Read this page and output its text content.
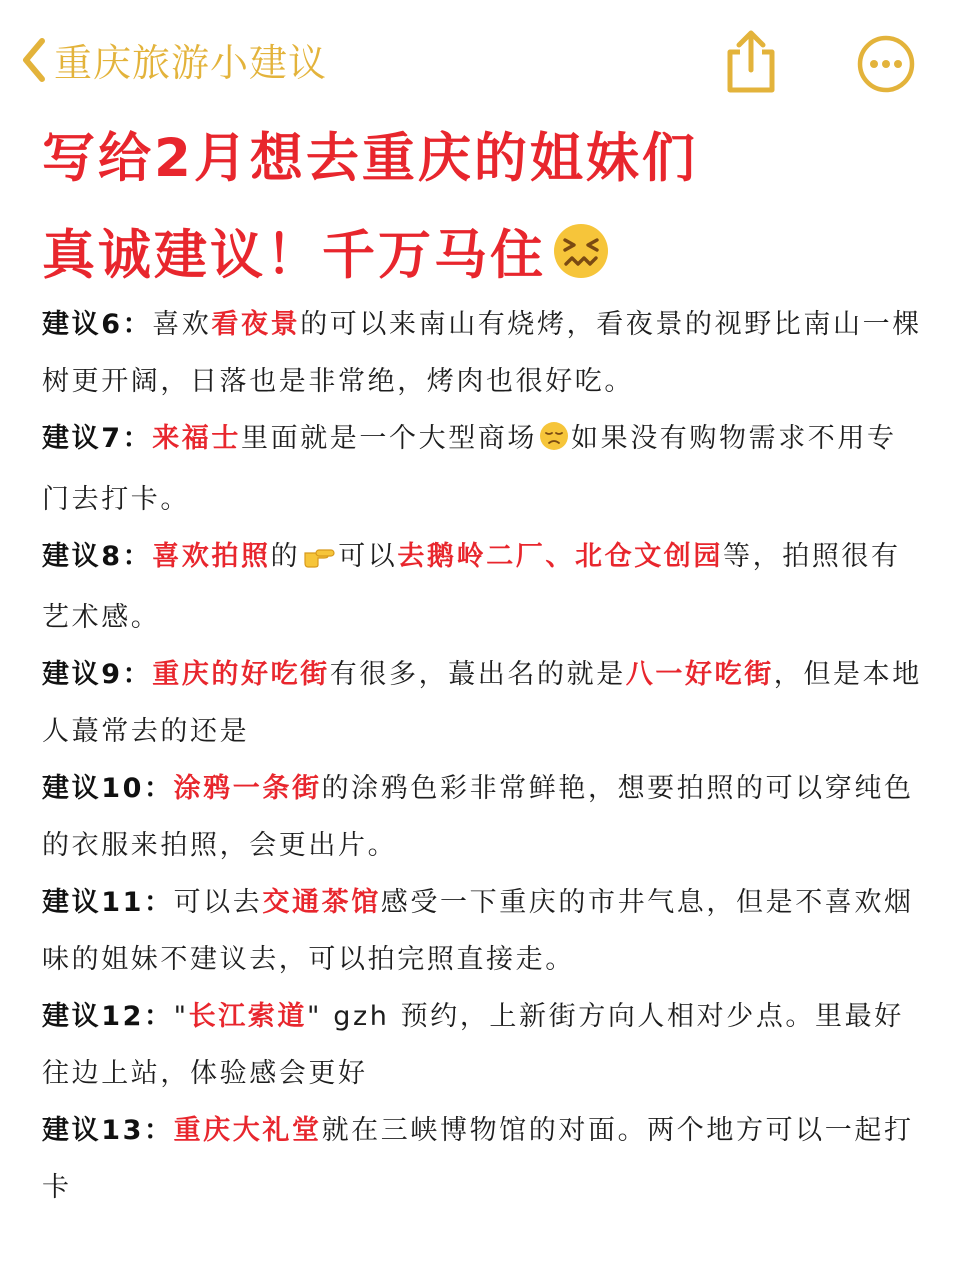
重庆旅游小建议
写给2月想去重庆的姐妹们
真诚建议！千万马住

建议6：喜欢看夜景的可以来南山有烧烤，看夜景的视野比南山一棵树更开阔，日落也是非常绝，烤肉也很好吃。

建议7：来福士里面就是一个大型商场 如果没有购物需求不用专门去打卡。

建议8：喜欢拍照的 可以去鹅岭二厂、北仓文创园等，拍照很有艺术感。

建议9：重庆的好吃街有很多，蕞出名的就是八一好吃街，但是本地人蕞常去的还是

建议10：涂鸦一条街的涂鸦色彩非常鲜艳，想要拍照的可以穿纯色的衣服来拍照，会更出片。

建议11：可以去交通茶馆感受一下重庆的市井气息，但是不喜欢烟味的姐妹不建议去，可以拍完照直接走。

建议12："长江索道" gzh 预约，上新街方向人相对少点。里最好往边上站，体验感会更好

建议13：重庆大礼堂就在三峡博物馆的对面。两个地方可以一起打卡
